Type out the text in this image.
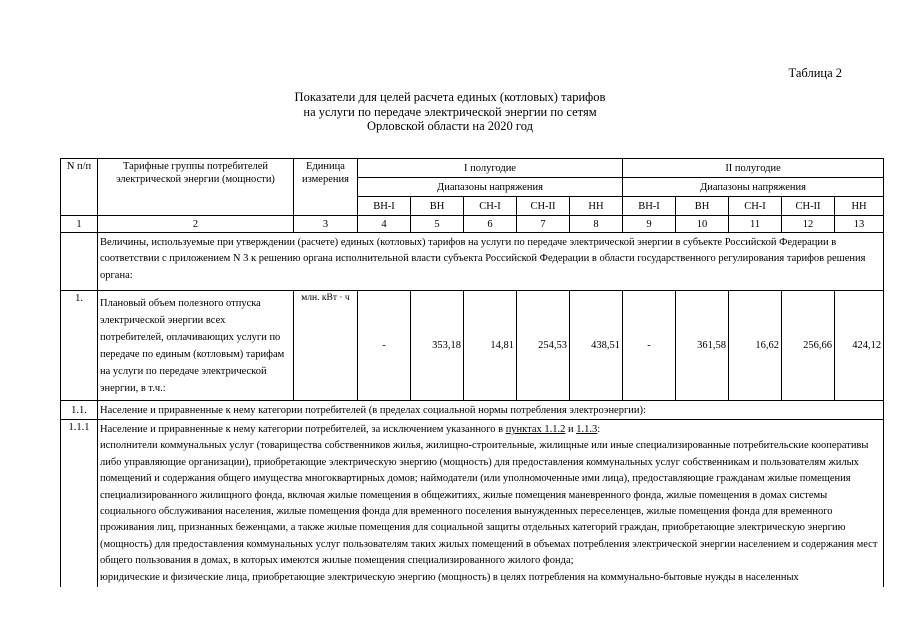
Таблица 2
Показатели для целей расчета единых (котловых) тарифов
на услуги по передаче электрической энергии по сетям
Орловской области на 2020 год
N п/п	Тарифные группы потребителей электрической энергии (мощности)	Единица измерения	I полугодие					II полугодие				
			Диапазоны напряжения					Диапазоны напряжения				
			ВН-I	ВН	СН-I	СН-II	НН	ВН-I	ВН	СН-I	СН-II	НН
1	2	3	4	5	6	7	8	9	10	11	12	13
	Величины, используемые при утверждении (расчете) единых (котловых) тарифов на услуги по передаче электрической энергии в субъекте Российской Федерации в соответствии с приложением N 3 к решению органа исполнительной власти субъекта Российской Федерации в области государственного регулирования тарифов решения органа:											
1.	Плановый объем полезного отпуска электрической энергии всех потребителей, оплачивающих услуги по передаче по единым (котловым) тарифам на услуги по передаче электрической энергии, в т.ч.:	млн. кВт · ч	-	353,18	14,81	254,53	438,51	-	361,58	16,62	256,66	424,12
1.1.	Население и приравненные к нему категории потребителей (в пределах социальной нормы потребления электроэнергии):											
1.1.1	Население и приравненные к нему категории потребителей, за исключением указанного в пунктах 1.1.2 и 1.1.3:
исполнители коммунальных услуг (товарищества собственников жилья, жилищно-строительные, жилищные или иные специализированные потребительские кооперативы либо управляющие организации), приобретающие электрическую энергию (мощность) для предоставления коммунальных услуг собственникам и пользователям жилых помещений и содержания общего имущества многоквартирных домов; наймодатели (или уполномоченные ими лица), предоставляющие гражданам жилые помещения специализированного жилищного фонда, включая жилые помещения в общежитиях, жилые помещения маневренного фонда, жилые помещения в домах системы социального обслуживания населения, жилые помещения фонда для временного поселения вынужденных переселенцев, жилые помещения фонда для временного проживания лиц, признанных беженцами, а также жилые помещения для социальной защиты отдельных категорий граждан, приобретающие электрическую энергию (мощность) для предоставления коммунальных услуг пользователям таких жилых помещений в объемах потребления электрической энергии населением и содержания мест общего пользования в домах, в которых имеются жилые помещения специализированного жилого фонда;
юридические и физические лица, приобретающие электрическую энергию (мощность) в целях потребления на коммунально-бытовые нужды в населенных											
